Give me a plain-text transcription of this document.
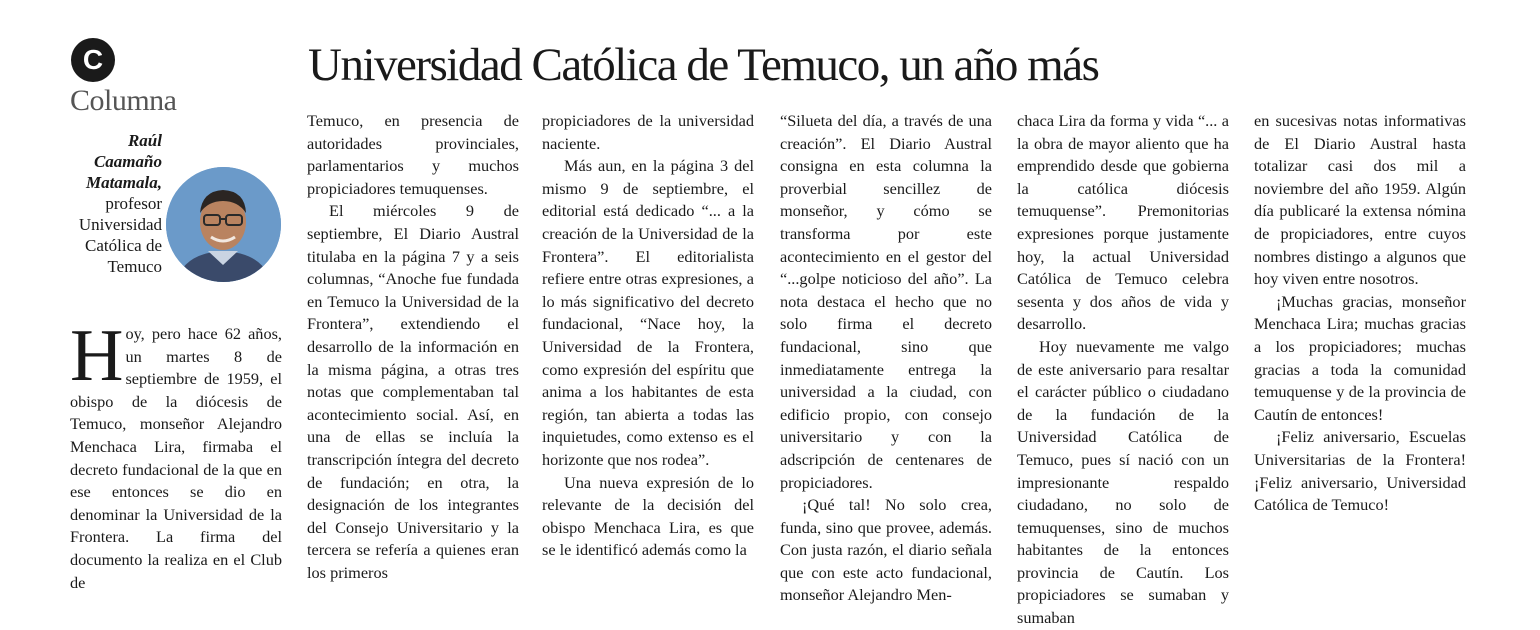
C
Columna
Universidad Católica de Temuco, un año más
Raúl Caamaño Matamala,
profesor Universidad Católica de Temuco

Hoy, pero hace 62 años, un martes 8 de septiembre de 1959, el obispo de la diócesis de Temuco, monseñor Alejandro Menchaca Lira, firmaba el decreto fundacional de la que en ese entonces se dio en denominar la Universidad de la Frontera. La firma del documento la realiza en el Club de

Temuco, en presencia de autoridades provinciales, parlamentarios y muchos propiciadores temuquenses.

El miércoles 9 de septiembre, El Diario Austral titulaba en la página 7 y a seis columnas, “Anoche fue fundada en Temuco la Universidad de la Frontera”, extendiendo el desarrollo de la información en la misma página, a otras tres notas que complementaban tal acontecimiento social. Así, en una de ellas se incluía la transcripción íntegra del decreto de fundación; en otra, la designación de los integrantes del Consejo Universitario y la tercera se refería a quienes eran los primeros

propiciadores de la universidad naciente.

Más aun, en la página 3 del mismo 9 de septiembre, el editorial está dedicado “... a la creación de la Universidad de la Frontera”. El editorialista refiere entre otras expresiones, a lo más significativo del decreto fundacional, “Nace hoy, la Universidad de la Frontera, como expresión del espíritu que anima a los habitantes de esta región, tan abierta a todas las inquietudes, como extenso es el horizonte que nos rodea”.

Una nueva expresión de lo relevante de la decisión del obispo Menchaca Lira, es que se le identificó además como la

“Silueta del día, a través de una creación”. El Diario Austral consigna en esta columna la proverbial sencillez de monseñor, y cómo se transforma por este acontecimiento en el gestor del “...golpe noticioso del año”. La nota destaca el hecho que no solo firma el decreto fundacional, sino que inmediatamente entrega la universidad a la ciudad, con edificio propio, con consejo universitario y con la adscripción de centenares de propiciadores.

¡Qué tal! No solo crea, funda, sino que provee, además. Con justa razón, el diario señala que con este acto fundacional, monseñor Alejandro Men-

chaca Lira da forma y vida “... a la obra de mayor aliento que ha emprendido desde que gobierna la católica diócesis temuquense”. Premonitorias expresiones porque justamente hoy, la actual Universidad Católica de Temuco celebra sesenta y dos años de vida y desarrollo.

Hoy nuevamente me valgo de este aniversario para resaltar el carácter público o ciudadano de la fundación de la Universidad Católica de Temuco, pues sí nació con un impresionante respaldo ciudadano, no solo de temuquenses, sino de muchos habitantes de la entonces provincia de Cautín. Los propiciadores se sumaban y sumaban

en sucesivas notas informativas de El Diario Austral hasta totalizar casi dos mil a noviembre del año 1959. Algún día publicaré la extensa nómina de propiciadores, entre cuyos nombres distingo a algunos que hoy viven entre nosotros.

¡Muchas gracias, monseñor Menchaca Lira; muchas gracias a los propiciadores; muchas gracias a toda la comunidad temuquense y de la provincia de Cautín de entonces!

¡Feliz aniversario, Escuelas Universitarias de la Frontera! ¡Feliz aniversario, Universidad Católica de Temuco!
